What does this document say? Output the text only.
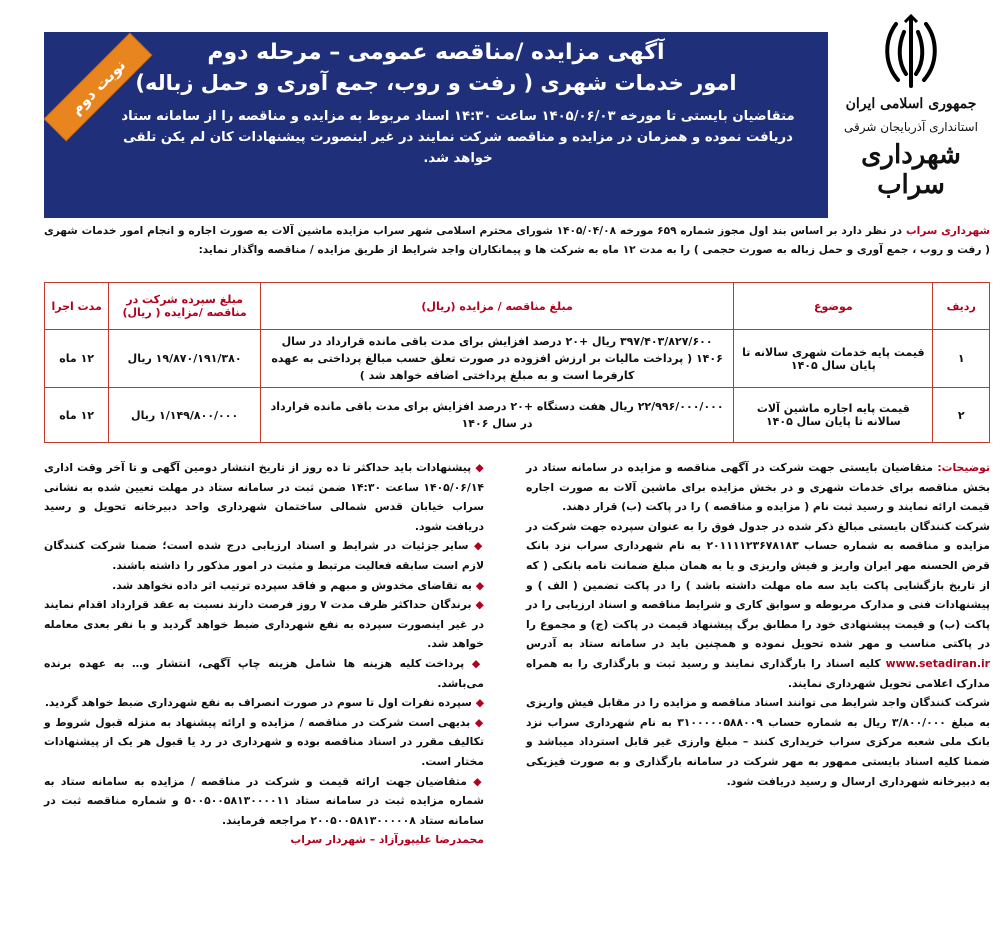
نوبت دوم
آگهی مزایده /مناقصه عمومی – مرحله دوم
امور خدمات شهری ( رفت و روب، جمع آوری و حمل زباله)
متقاضیان بایستی تا مورخه ۱۴۰۵/۰۶/۰۳ ساعت ۱۴:۳۰ اسناد مربوط به مزایده و مناقصه را از سامانه ستاد دریافت نموده و همزمان در مزایده و مناقصه شرکت نمایند در غیر اینصورت پیشنهادات کان لم یکن تلقی خواهد شد.
جمهوری اسلامی ایران
استانداری آذربایجان شرقی
شهرداری سراب
شهرداری سراب در نظر دارد بر اساس بند اول مجوز شماره ۶۵۹ مورخه ۱۴۰۵/۰۴/۰۸ شورای محترم اسلامی شهر سراب مزایده ماشین آلات به صورت اجاره و انجام امور خدمات شهری ( رفت و روب ، جمع آوری و حمل زباله به صورت حجمی ) را به مدت ۱۲ ماه به شرکت ها و پیمانکاران واجد شرایط از طریق مزایده / مناقصه واگذار نماید:
ردیف	موضوع	مبلغ مناقصه / مزایده (ریال)	مبلغ سپرده شرکت در مناقصه /مزایده ( ریال)	مدت اجرا
۱	قیمت پایه خدمات شهری سالانه تا پایان سال ۱۴۰۵	۳۹۷/۴۰۳/۸۲۷/۶۰۰ ریال +۲۰ درصد افزایش برای مدت باقی مانده قرارداد در سال ۱۴۰۶ ( پرداخت مالیات بر ارزش افزوده در صورت تعلق حسب مبالغ پرداختی به عهده کارفرما است و به مبلغ پرداختی اضافه خواهد شد )	۱۹/۸۷۰/۱۹۱/۳۸۰ ریال	۱۲ ماه
۲	قیمت پایه اجاره ماشین آلات سالانه تا پایان سال ۱۴۰۵	۲۲/۹۹۶/۰۰۰/۰۰۰ ریال هفت دستگاه +۲۰ درصد افزایش برای مدت باقی مانده قرارداد در سال ۱۴۰۶	۱/۱۴۹/۸۰۰/۰۰۰ ریال	۱۲ ماه

توضیحات: متقاضیان بایستی جهت شرکت در آگهی مناقصه و مزایده در سامانه ستاد در بخش مناقصه برای خدمات شهری و در بخش مزایده برای ماشین آلات به صورت اجاره قیمت ارائه نمایند و رسید ثبت نام ( مزایده و مناقصه ) را در پاکت (ب) قرار دهند.

شرکت کنندگان بایستی مبالغ ذکر شده در جدول فوق را به عنوان سپرده جهت شرکت در مزایده و مناقصه به شماره حساب ۲۰۱۱۱۱۲۳۶۷۸۱۸۳ به نام شهرداری سراب نزد بانک قرض الحسنه مهر ایران واریز و فیش واریزی و یا به همان مبلغ ضمانت نامه بانکی ( که از تاریخ بازگشایی پاکت باید سه ماه مهلت داشته باشد ) را در پاکت تضمین ( الف ) و پیشنهادات فنی و مدارک مربوطه و سوابق کاری و شرایط مناقصه و اسناد ارزیابی را در پاکت (ب) و قیمت پیشنهادی خود را مطابق برگ پیشنهاد قیمت در پاکت (ج) و مجموع را در پاکتی مناسب و مهر شده تحویل نموده و همچنین باید در سامانه ستاد به آدرس www.setadiran.ir کلیه اسناد را بارگذاری نمایند و رسید ثبت و بارگذاری را به همراه مدارک اعلامی تحویل شهرداری نمایند.

شرکت کنندگان واجد شرایط می توانند اسناد مناقصه و مزایده را در مقابل فیش واریزی به مبلغ ۳/۸۰۰/۰۰۰ ریال به شماره حساب ۳۱۰۰۰۰۰۵۸۸۰۰۹ به نام شهرداری سراب نزد بانک ملی شعبه مرکزی سراب خریداری کنند – مبلغ وارزی غیر قابل استرداد میباشد و ضمنا کلیه اسناد بایستی ممهور به مهر شرکت در سامانه بارگذاری و به صورت فیزیکی به دبیرخانه شهرداری ارسال و رسید دریافت شود.

◆ پیشنهادات باید حداکثر تا ده روز از تاریخ انتشار دومین آگهی و تا آخر وقت اداری ۱۴۰۵/۰۶/۱۴ ساعت ۱۴:۳۰ ضمن ثبت در سامانه ستاد در مهلت تعیین شده به نشانی سراب خیابان قدس شمالی ساختمان شهرداری واحد دبیرخانه تحویل و رسید دریافت شود.

◆ سایر جزئیات در شرایط و اسناد ارزیابی درج شده است؛ ضمنا شرکت کنندگان لازم است سابقه فعالیت مرتبط و مثبت در امور مذکور را داشته باشند.

◆ به تقاضای مخدوش و مبهم و فاقد سپرده ترتیب اثر داده نخواهد شد.

◆ برندگان حداکثر ظرف مدت ۷ روز فرصت دارند نسبت به عقد قرارداد اقدام نمایند در غیر اینصورت سپرده به نفع شهرداری ضبط خواهد گردید و با نفر بعدی معامله خواهد شد.

◆ پرداخت کلیه هزینه ها شامل هزینه چاپ آگهی، انتشار و… به عهده برنده می‌باشد.

◆ سپرده نفرات اول تا سوم در صورت انصراف به نفع شهرداری ضبط خواهد گردید.

◆ بدیهی است شرکت در مناقصه / مزایده و ارائه پیشنهاد به منزله قبول شروط و تکالیف مقرر در اسناد مناقصه بوده و شهرداری در رد یا قبول هر یک از پیشنهادات مختار است.

◆ متقاضیان جهت ارائه قیمت و شرکت در مناقصه / مزایده به سامانه ستاد به شماره مزایده ثبت در سامانه ستاد ۵۰۰۵۰۰۵۸۱۳۰۰۰۰۱۱ و شماره مناقصه ثبت در سامانه ستاد ۲۰۰۵۰۰۵۸۱۳۰۰۰۰۰۸ مراجعه فرمایند.

محمدرضا علیپورآزاد – شهردار سراب
